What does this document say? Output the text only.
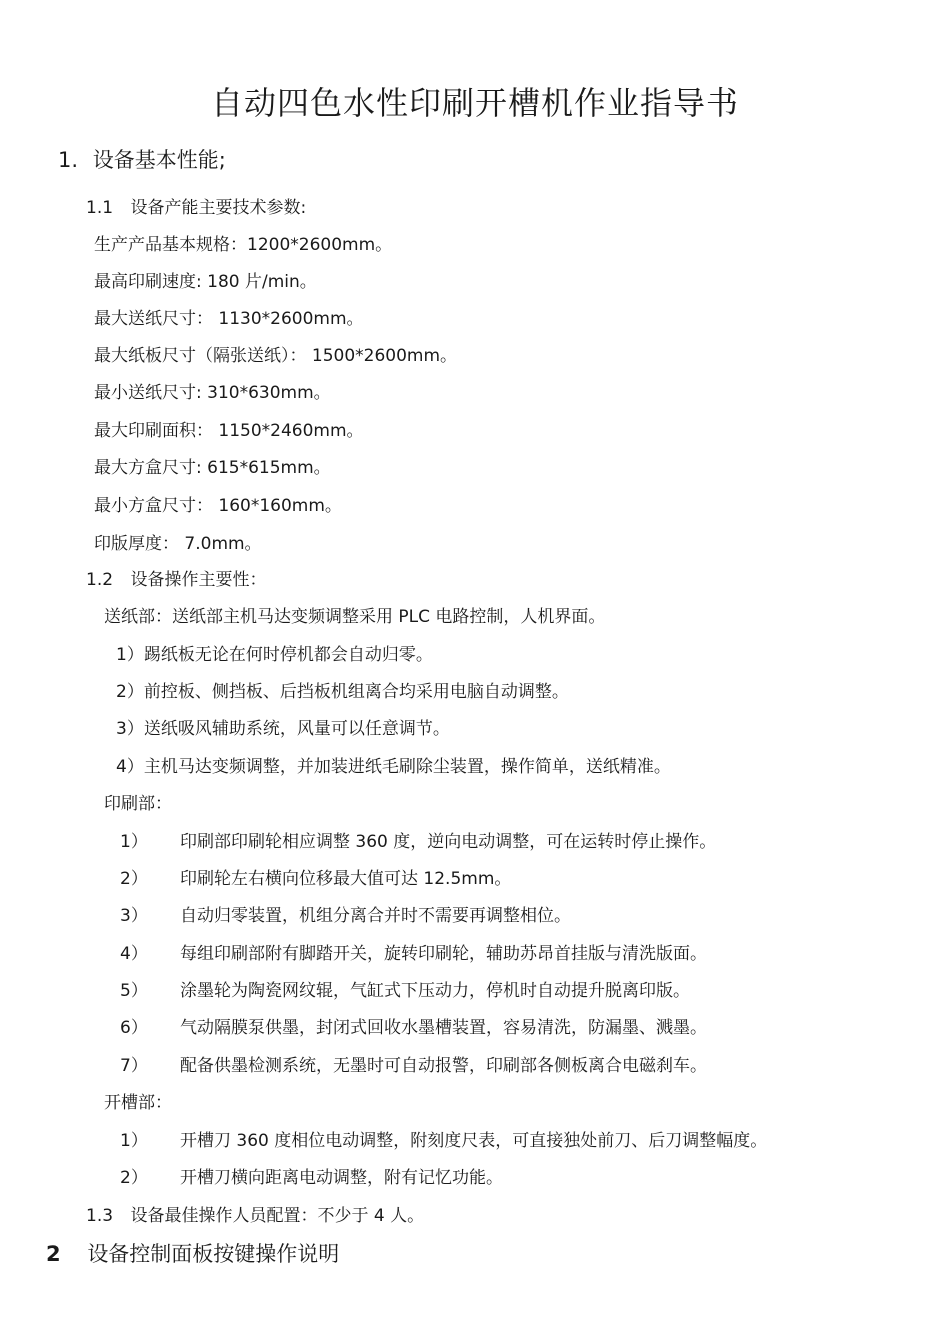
自动四色水性印刷开槽机作业指导书
1. 设备基本性能;
1.1 设备产能主要技术参数:
生产产品基本规格：1200*2600mm。
最高印刷速度: 180 片/min。
最大送纸尺寸： 1130*2600mm。
最大纸板尺寸（隔张送纸）： 1500*2600mm。
最小送纸尺寸: 310*630mm。
最大印刷面积： 1150*2460mm。
最大方盒尺寸: 615*615mm。
最小方盒尺寸： 160*160mm。
印版厚度： 7.0mm。
1.2 设备操作主要性：
送纸部：送纸部主机马达变频调整采用 PLC 电路控制，人机界面。
1）踢纸板无论在何时停机都会自动归零。
2）前控板、侧挡板、后挡板机组离合均采用电脑自动调整。
3）送纸吸风辅助系统，风量可以任意调节。
4）主机马达变频调整，并加装进纸毛刷除尘装置，操作简单，送纸精准。
印刷部：
1） 印刷部印刷轮相应调整 360 度，逆向电动调整，可在运转时停止操作。
2） 印刷轮左右横向位移最大值可达 12.5mm。
3） 自动归零装置，机组分离合并时不需要再调整相位。
4） 每组印刷部附有脚踏开关，旋转印刷轮，辅助苏昂首挂版与清洗版面。
5） 涂墨轮为陶瓷网纹辊，气缸式下压动力，停机时自动提升脱离印版。
6） 气动隔膜泵供墨，封闭式回收水墨槽装置，容易清洗，防漏墨、溅墨。
7） 配备供墨检测系统，无墨时可自动报警，印刷部各侧板离合电磁刹车。
开槽部：
1） 开槽刀 360 度相位电动调整，附刻度尺表，可直接独处前刀、后刀调整幅度。
2） 开槽刀横向距离电动调整，附有记忆功能。
1.3 设备最佳操作人员配置：不少于 4 人。
2 设备控制面板按键操作说明
